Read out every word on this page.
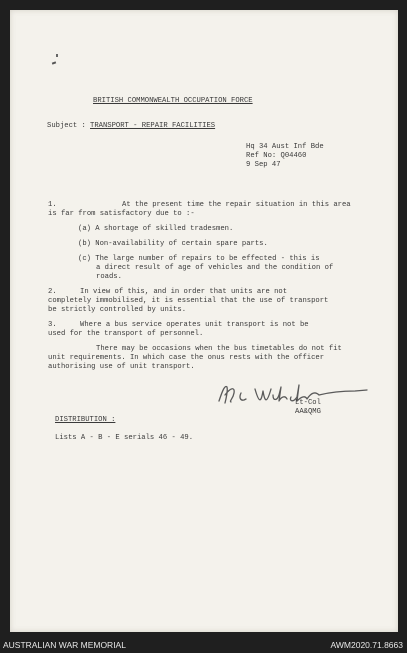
BRITISH COMMONWEALTH OCCUPATION FORCE
Subject : TRANSPORT - REPAIR FACILITIES
Hq 34 Aust Inf Bde
Ref No: Q04460
9 Sep 47
1.	At the present time the repair situation in this area
is far from satisfactory due to :-
(a) A shortage of skilled tradesmen.
(b) Non-availability of certain spare parts.
(c) The large number of repairs to be effected - this is
a direct result of age of vehicles and the condition of
roads.
2.	In view of this, and in order that units are not
completely immobilised, it is essential that the use of transport
be strictly controlled by units.
3.	Where a bus service operates unit transport is not be
used for the transport of personnel.
There may be occasions when the bus timetables do not fit
unit requirements. In which case the onus rests with the officer
authorising use of unit transport.
Lt-Col
AA&QMG
DISTRIBUTION :
Lists A - B - E serials 46 - 49.
AUSTRALIAN WAR MEMORIAL	AWM2020.71.8663
